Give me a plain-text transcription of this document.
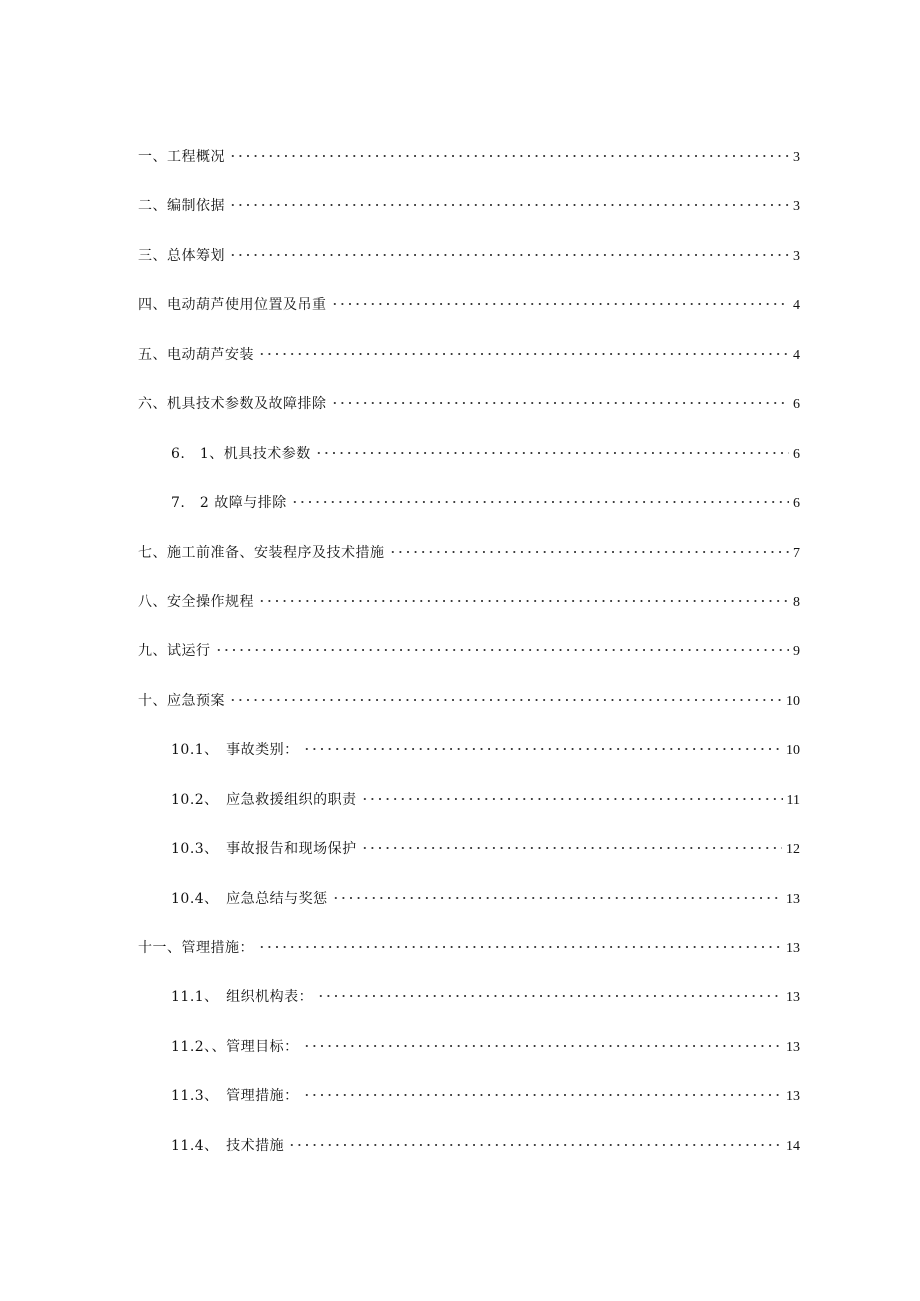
一、工程概况	3
二、编制依据	3
三、总体筹划	3
四、电动葫芦使用位置及吊重	4
五、电动葫芦安装	4
六、机具技术参数及故障排除	6
6.　1、机具技术参数	6
7.　2 故障与排除	6
七、施工前准备、安装程序及技术措施	7
八、安全操作规程	8
九、试运行	9
十、应急预案	10
10.1、　事故类别：	10
10.2、　应急救援组织的职责	11
10.3、　事故报告和现场保护	12
10.4、　应急总结与奖惩	13
十一、管理措施：	13
11.1、　组织机构表：	13
11.2、、管理目标：	13
11.3、　管理措施：	13
11.4、　技术措施	14
